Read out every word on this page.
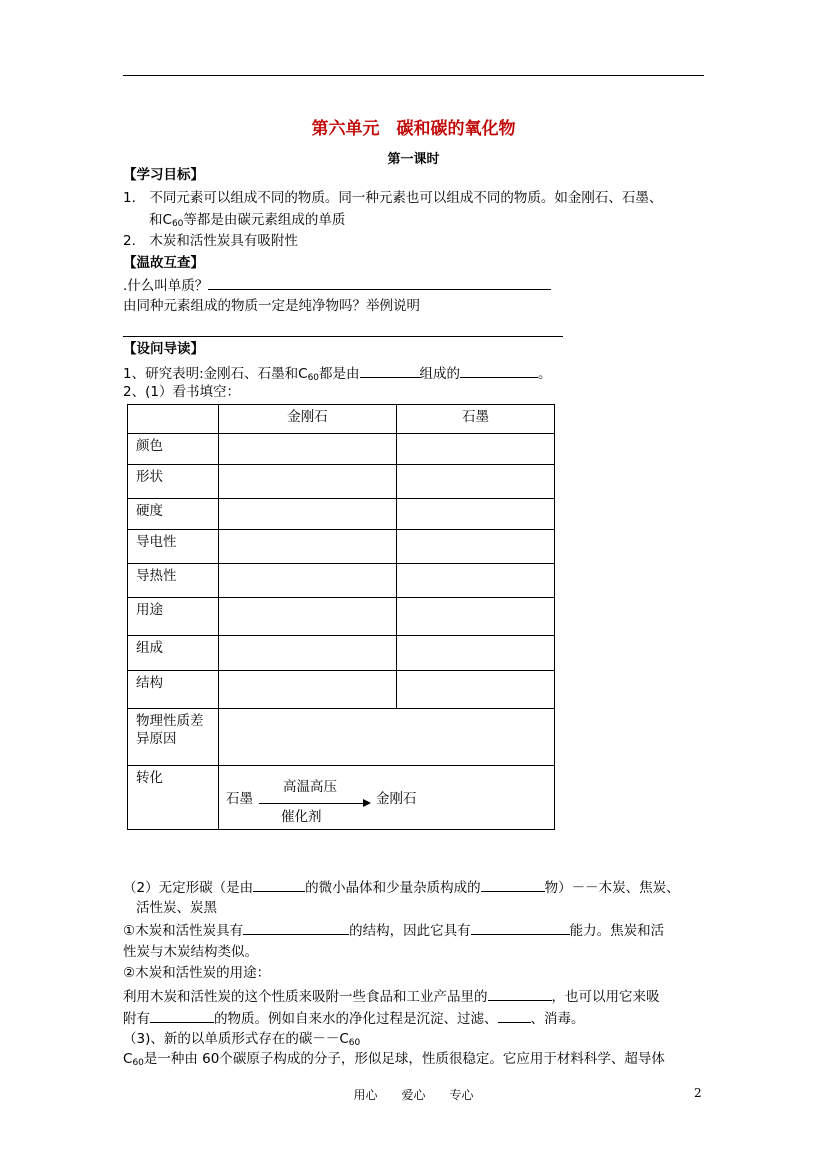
第六单元　碳和碳的氧化物
第一课时
【学习目标】
1.　不同元素可以组成不同的物质。同一种元素也可以组成不同的物质。如金刚石、石墨、
和$C_{60}$等都是由碳元素组成的单质
2.　木炭和活性炭具有吸附性
【温故互查】
.什么叫单质？
由同种元素组成的物质一定是纯净物吗？举例说明
【设问导读】
1、研究表明:金刚石、石墨和$C_{60}$都是由	组成的	。
2、(1）看书填空：
	金刚石	石墨
颜色		
形状		
硬度		
导电性		
导热性		
用途		
组成		
结构		
物理性质差
异原因		
转化	石墨
高温高压
金刚石
催化剂	
（2）无定形碳（是由	的微小晶体和少量杂质构成的	物）－－木炭、焦炭、
活性炭、炭黑
①木炭和活性炭具有	的结构，因此它具有	能力。焦炭和活
性炭与木炭结构类似。
②木炭和活性炭的用途：
利用木炭和活性炭的这个性质来吸附一些食品和工业产品里的	，也可以用它来吸
附有	的物质。例如自来水的净化过程是沉淀、过滤、 、消毒。
（3)、新的以单质形式存在的碳$--C_{60}$
$C_{60}$是一种由 60个碳原子构成的分子，形似足球，性质很稳定。它应用于材料科学、超导体
用心　　爱心　　专心	2
